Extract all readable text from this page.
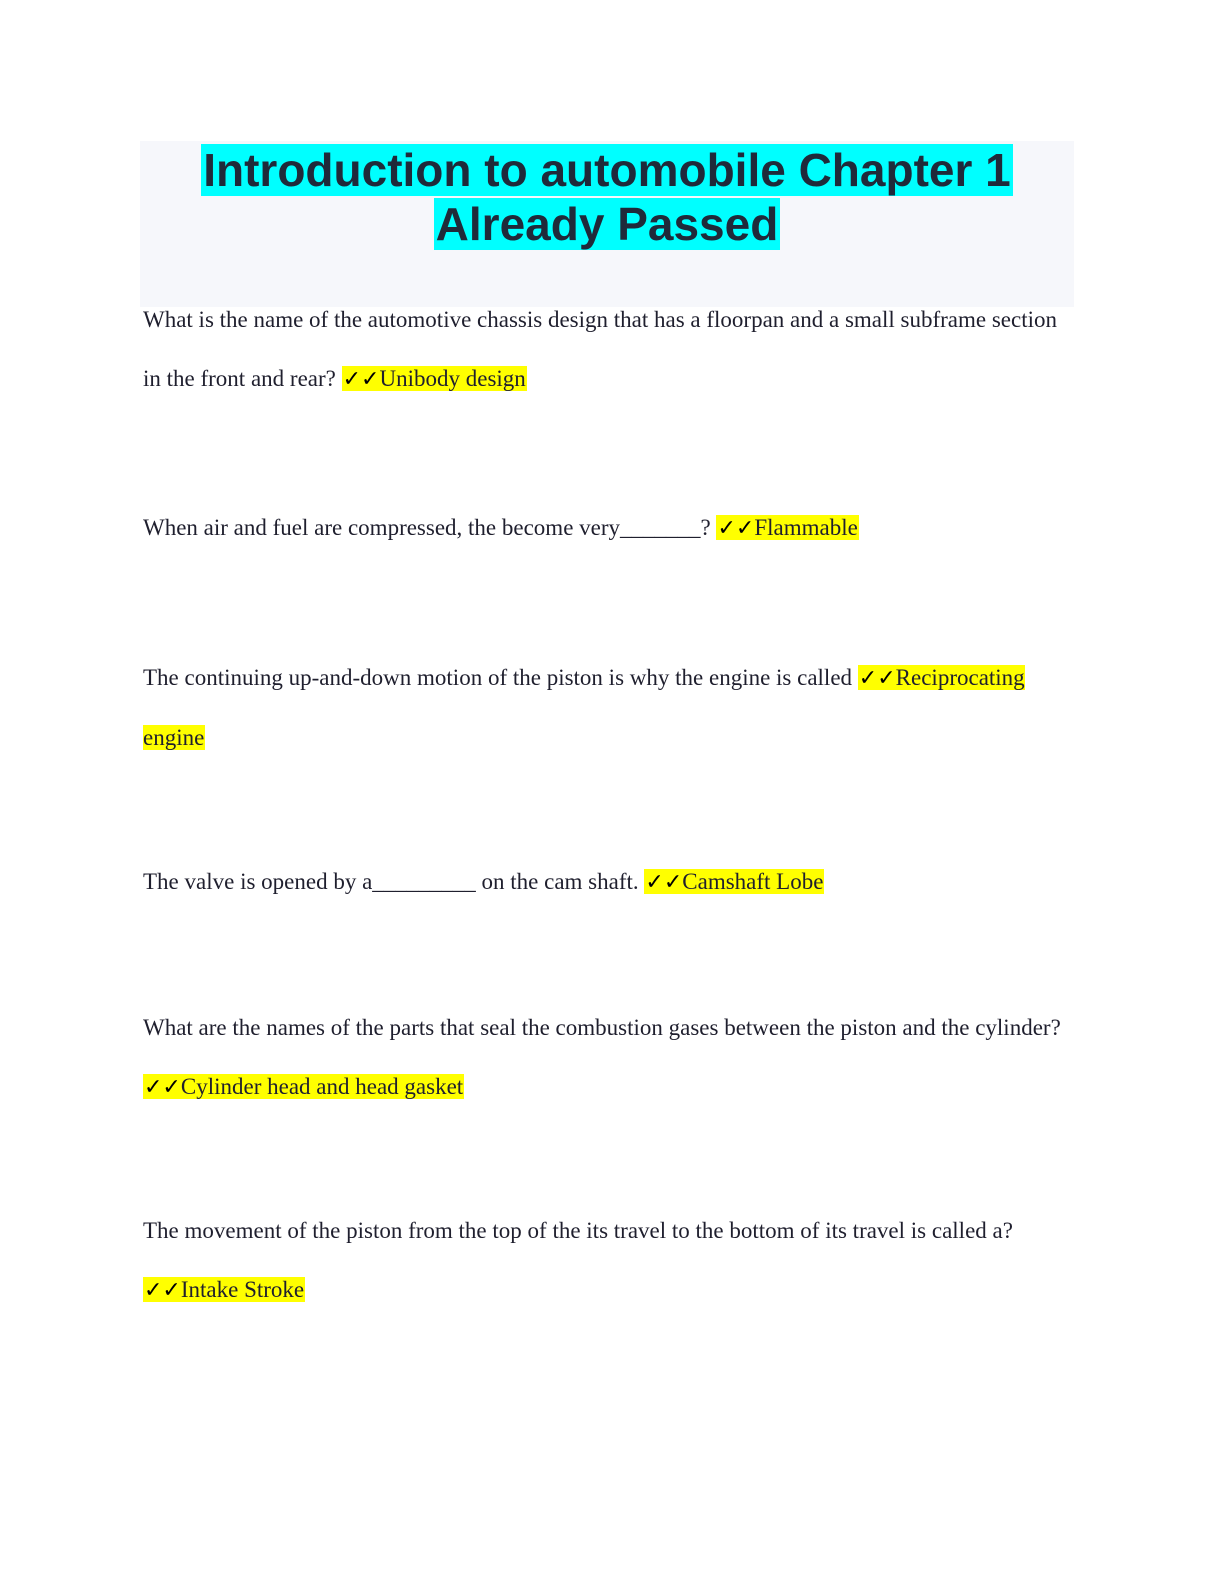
Introduction to automobile Chapter 1
Already Passed

What is the name of the automotive chassis design that has a floorpan and a small subframe section in the front and rear? ✓✓Unibody design

When air and fuel are compressed, the become very_______? ✓✓Flammable

The continuing up-and-down motion of the piston is why the engine is called ✓✓Reciprocating engine

The valve is opened by a_________ on the cam shaft. ✓✓Camshaft Lobe

What are the names of the parts that seal the combustion gases between the piston and the cylinder? ✓✓Cylinder head and head gasket

The movement of the piston from the top of the its travel to the bottom of its travel is called a? ✓✓Intake Stroke
